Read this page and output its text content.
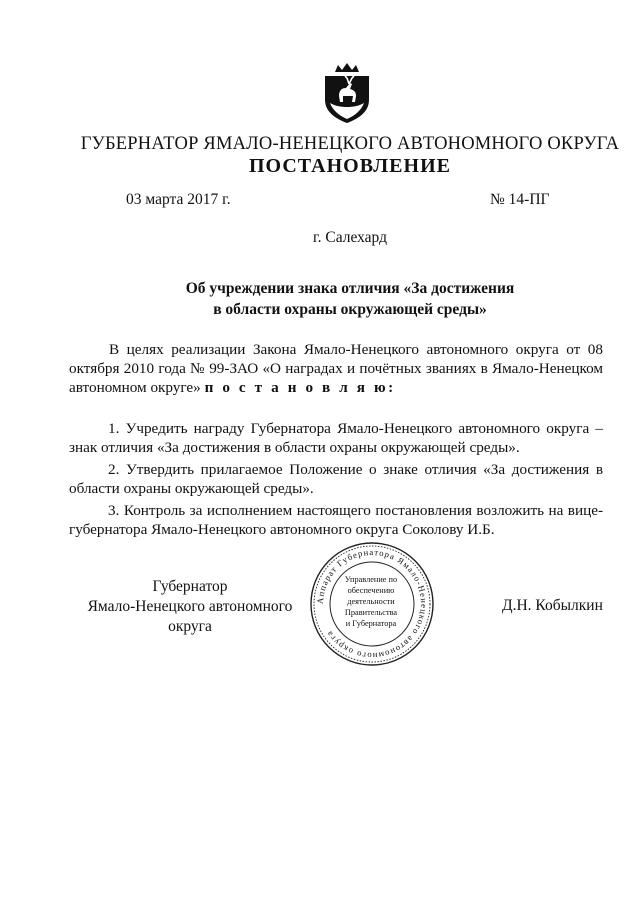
ГУБЕРНАТОР ЯМАЛО-НЕНЕЦКОГО АВТОНОМНОГО ОКРУГА
ПОСТАНОВЛЕНИЕ
03 марта 2017 г.	№ 14-ПГ
г. Салехард
Об учреждении знака отличия «За достижения
в области охраны окружающей среды»
В целях реализации Закона Ямало-Ненецкого автономного округа от 08 октября 2010 года № 99-ЗАО «О наградах и почётных званиях в Ямало-Ненецком автономном округе» п о с т а н о в л я ю:

1. Учредить награду Губернатора Ямало-Ненецкого автономного округа – знак отличия «За достижения в области охраны окружающей среды».

2. Утвердить прилагаемое Положение о знаке отличия «За достижения в области охраны окружающей среды».

3. Контроль за исполнением настоящего постановления возложить на вице-губернатора Ямало-Ненецкого автономного округа Соколову И.Б.

Губернатор
Ямало-Ненецкого автономного округа
Аппарат Губернатора Ямало-Ненецкого автономного округа
Управление по
обеспечению
деятельности
Правительства
и Губернатора
Д.Н. Кобылкин
